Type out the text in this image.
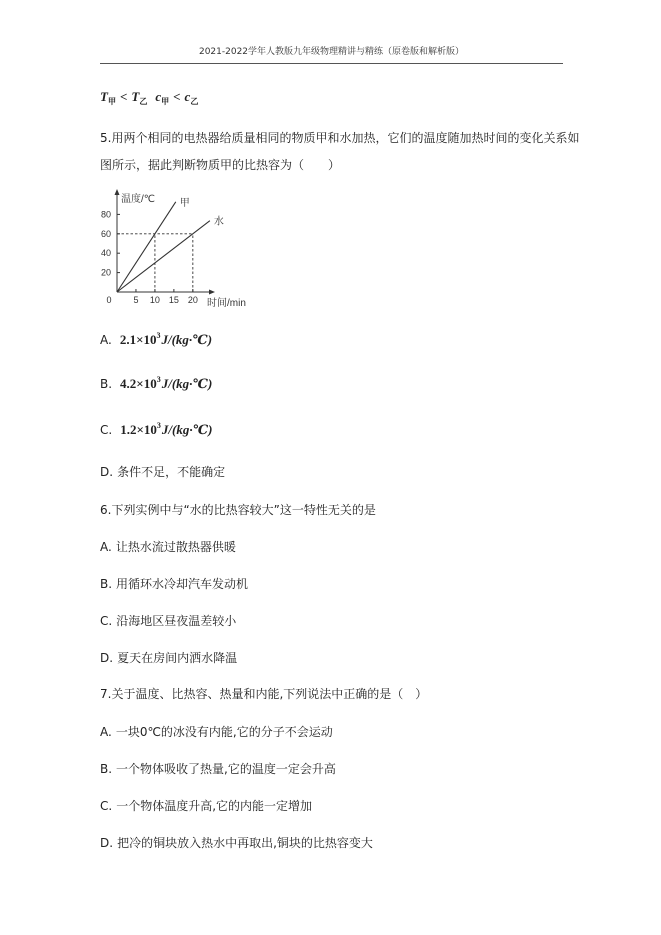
2021-2022学年人教版九年级物理精讲与精练（原卷版和解析版）
$T_甲 < T_乙$ $c_甲 < c_乙$
5.用两个相同的电热器给质量相同的物质甲和水加热，它们的温度随加热时间的变化关系如
图所示，据此判断物质甲的比热容为（　　）
温度/℃
时间/min
0 5 10 15 20
20
40
60
80
甲
水
A. $2.1\times 10^3J/(kg\cdot℃)$
B. $4.2\times 10^3J/(kg\cdot℃)$
C. $1.2\times 10^3J/(kg\cdot℃)$
D. 条件不足，不能确定
6.下列实例中与“水的比热容较大”这一特性无关的是
A. 让热水流过散热器供暖
B. 用循环水冷却汽车发动机
C. 沿海地区昼夜温差较小
D. 夏天在房间内洒水降温
7.关于温度、比热容、热量和内能,下列说法中正确的是（　）
A. 一块0℃的冰没有内能,它的分子不会运动
B. 一个物体吸收了热量,它的温度一定会升高
C. 一个物体温度升高,它的内能一定增加
D. 把冷的铜块放入热水中再取出,铜块的比热容变大
